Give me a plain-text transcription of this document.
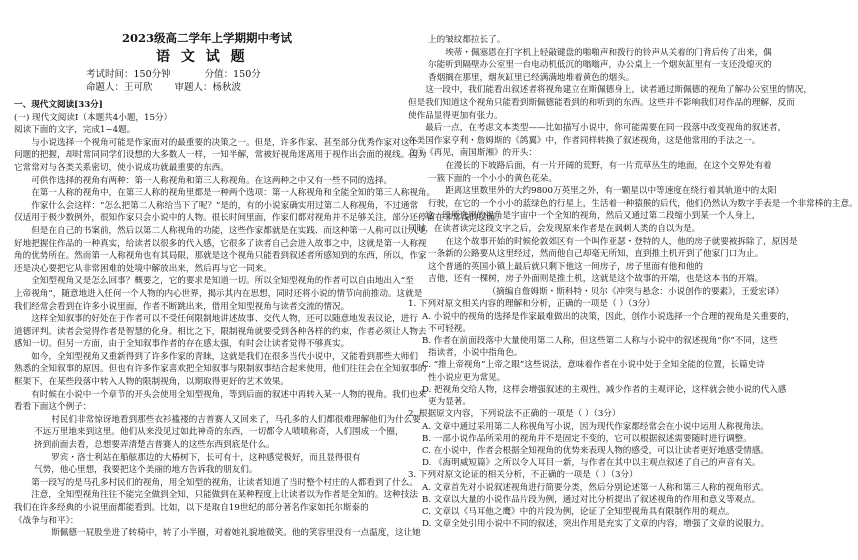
2023级高二学年上学期期中考试
语 文 试 题
考试时间：150分钟	分值：150分
命题人：王可欣 审题人：杨秋波

一、现代文阅读[33分]

(一) 现代文阅读Ⅰ（本题共4小题，15分）

阅读下面的文字，完成1~4题。

与小说选择一个视角可能是作家面对的最重要的决策之一。但是，许多作家、甚至部分优秀作家对这个

问题的把握，却时常同同学们设想的大多数人一样，一知半解，常被好视角迷离用于视作出会面的视线。因为

它常常对与各类关系密切，使小说成功就最重要的东西。

可供作选择的视角有两种：第一人称视角和第三人称视角。在这两种之中又有一些不同的选择。

在第一人称的视角中，在第三人称的视角里都是一种两个选项：第一人称视角和全能全知的第三人称视角。

作家什么会这样：“怎么把第二人称给当下了呢？”是的，有的小说家确实用过第二人称视角，不过通常

仅适用于极少数例外，很知作家只会小说中的人物。很长时间里面，作家们都对视角并不足够关注，部分还停留在非常浅的层面。

但是在自己的书案前，然后以第二人称视角的功能，这些作家都就是在实践、而这种第一人称可以让人更

好地把握住作品的一种真实，给读者以很多的代入感，它很多了读者自己会进入故事之中，这就是第一人称视

角的优势所在。然而第一人称视角也有其局限，那就是这个视角只能看到叙述者所感知到的东西，所以，作家

还是决心要把它从非常困难的处境中解放出来，然后再与它一同来。

全知型视角又是怎么回事？概要之，它的要求是知道一切。所以全知型视角的作者可以自由地出入“至

上帝视角”，随意地进入任何一个人物的内心世界，揭示其内在思想，同时还将小说的情节向前推动。这就是

我们经常会看到在许多小说里面，作者不断跳出来，借用全知型视角与读者交流的情况。

这样全知叙事的好处在于作者可以不受任何限制地讲述故事、交代人物，还可以随意地发表议论，进行

道德评判。读者会觉得作者是智慧的化身。相比之下，限制视角就要受到各种各样的约束，作者必须让人物去

感知一切。但另一方面，由于全知叙事作者的存在感太强，有时会让读者觉得不够真实。

如今，全知型视角又重新得到了许多作家的青睐，这就是我们在很多当代小说中，又能看到那些大师们

熟悉的全知叙事的原因。但也有许多作家喜欢把全知叙事与限制叙事结合起来使用，他们往往会在全知叙事的

框架下，在某些段落中转入人物的限制视角，以期取得更好的艺术效果。

有时候在小说中一个章节的开头会使用全知型视角，等到后面的叙述中再转入某一人物的视角。我们也来

看看下面这个例子：

村民们非常惊讶地看到那些衣衫褴褛的吉普赛人又回来了，马孔多的人们都很难理解他们为什么要

不远万里地来到这里。他们从来没见过如此神奇的东西，一切都令人啧啧称奇，人们围成一个圈，

挤到前面去看，总想要弄清楚吉普赛人的这些东西到底是什么。

罗宾・洛士利站在船舷那边的大椿树下，长可有十，这种感觉极好，而且显得很有

气势，他心里想，我要把这个美丽的地方告诉我的朋友们。

第一段写的是马孔多村民们的视角，用全知型的视角，让读者知道了当时整个村庄的人都看到了什么。

注意，全知型视角往往不能完全做到全知，只能做到在某种程度上让读者以为作者是全知的。这种技法

我们在许多经典的小说里面都能看到。比如，以下是取自19世纪的部分著名作家如托尔斯泰的

《战争与和平》：

斯佩德一屁股坐进了转椅中，转了小半圈，对着她礼貌地微笑。他的笑容里没有一点温度，这让她

上的皱纹都拉长了。

埃蒂・佩塞恩在打字机上轻敲键盘的啪啪声和拨行的铃声从关着的门背后传了出来，偶

尔能听到隔壁办公室里一台电动机低沉的嗡嗡声，办公桌上一个烟灰缸里有一支还没熄灭的

香烟搁在那里，烟灰缸里已经满满地堆着黄色的烟头。

这一段中，我们能看出叙述者将视角建立在斯佩德身上，读者通过斯佩德的视角了解办公室里的情况，

但是我们知道这个视角只能看到斯佩德能看到的和听到的东西。这些并不影响我们对作品的理解，反而

使作品显得更加有张力。

最后一点，在考虑文本类型——比如描写小说中，你可能需要在同一段落中改变视角的叙述者，

在美国作家亨利・詹姆斯的《鸽翼》中，作者同样转换了叙述视角，这是他常用的手法之一。

之①《再见，南国斯湘》的开头：

在漫长的下坡路后面，有一片开阔的荒野，有一片荒草丛生的地面，在这个交界处有着

一簇下面的一个小小的黄色花朵。

距离这里数里外的大约9800万英里之外，有一颗星以中等速度在绕行着其轨道中的太阳

行驶，在它的一个小小的蓝绿色的行星上，生活着一种猿猴的后代，他们仍然认为数字手表是一个非常棒的主意。

这一段所选用的视角是宇宙中一个全知的视角，然后又通过第二段缩小到某一个人身上，

同时，在读者读完这段文字之后，会发现原来作者是在讽刺人类的自以为是。

在这个故事开始的时候伦敦郊区有一个叫作亚瑟・登特的人，他的房子就要被拆除了，原因是

一条新的公路要从这里经过，然而他自己却毫无所知，直到推土机开到了他家门口为止。

这个普通的英国小镇上最后就只剩下他这一间房子，房子里面有他和他的

吉他，还有一棵树，房子外面则是推土机，这就是这个故事的开端，也是这本书的开端。

（摘编自詹姆斯・斯科特・贝尔《冲突与悬念：小说创作的要素》，王爱宏译）

1. 下列对原文相关内容的理解和分析，正确的一项是（ ）（3分）

A. 小说中的视角的选择是作家最难做出的决策，因此，创作小说选择一个合理的视角是关重要的，

不可轻视。

B. 作者在前面段落中大量使用第二人称，但这些第二人称与小说中的叙述视角“你”不同，这些

指读者，小说中指角色。

C. “推上帝视角”上帝之眼”这些说法，意味着作者在小说中处于全知全能的位置，长篇史诗

性小说应更为常见。

D. 把视角交给人物，这样会增强叙述的主观性，减少作者的主观评论，这样就会使小说的代入感

更为显著。

2. 根据原文内容，下列说法不正确的一项是（ ）（3分）

A. 文章中通过采用第二人称视角写小说，因为现代作家都经常会在小说中运用人称视角法。

B. 一部小说作品所采用的视角并不是固定不变的，它可以根据叙述需要随时进行调整。

C. 在小说中，作者会根据全知视角的优势来表现人物的感受，可以让读者更好地感受情感。

D. 《海明威短篇》之所以令人耳目一新，与作者在其中以主观点叙述了自己的声音有关。

3. 下列对原文论证的相关分析，不正确的一项是（ ）（3分）

A. 文章首先对小说叙述视角进行简要分类，然后分别论述第一人称和第三人称的视角形式。

B. 文章以大量的小说作品片段为例，通过对比分析提出了叙述视角的作用和意义等观点。

C. 文章以《马耳他之鹰》中的片段为例，论证了全知型视角具有限制作用的观点。

D. 文章全处引用小说中不同的叙述，突出作用是充实了文章的内容，增强了文章的说服力。
